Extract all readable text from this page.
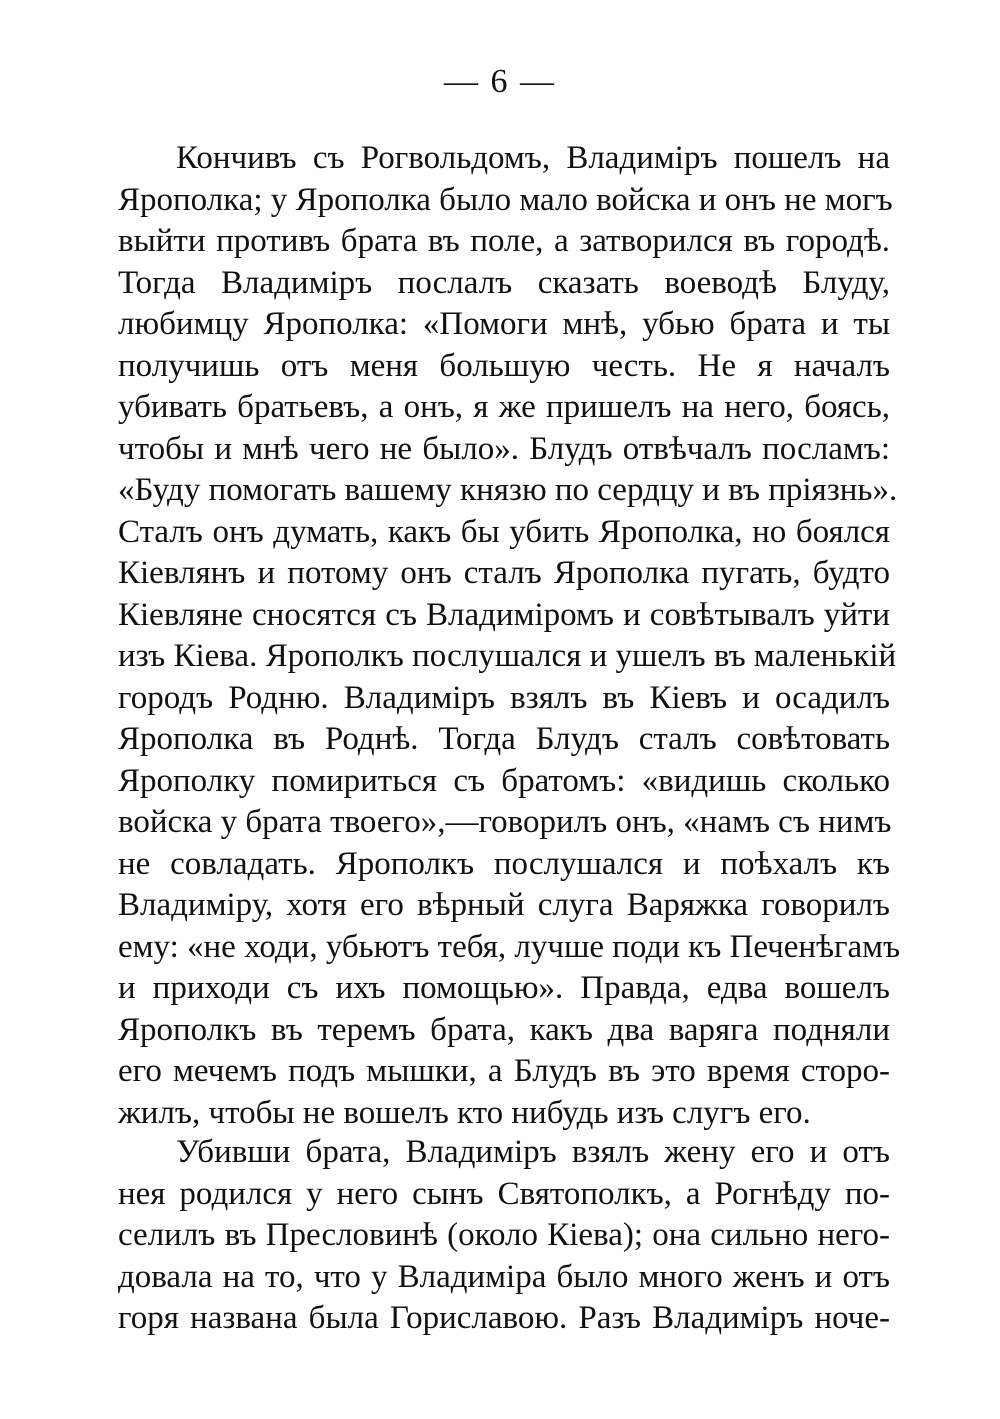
— 6 —
Кончивъ съ Рогвольдомъ, Владиміръ пошелъ на
Ярополка; у Ярополка было мало войска и онъ не могъ
выйти противъ брата въ поле, а затворился въ городѣ.
Тогда Владиміръ послалъ сказать воеводѣ Блуду,
любимцу Ярополка: «Помоги мнѣ, убью брата и ты
получишь отъ меня большую честь. Не я началъ
убивать братьевъ, а онъ, я же пришелъ на него, боясь,
чтобы и мнѣ чего не было». Блудъ отвѣчалъ посламъ:
«Буду помогать вашему князю по сердцу и въ пріязнь».
Сталъ онъ думать, какъ бы убить Ярополка, но боялся
Кіевлянъ и потому онъ сталъ Ярополка пугать, будто
Кіевляне сносятся съ Владиміромъ и совѣтывалъ уйти
изъ Кіева. Ярополкъ послушался и ушелъ въ маленькій
городъ Родню. Владиміръ взялъ въ Кіевъ и осадилъ
Ярополка въ Роднѣ. Тогда Блудъ сталъ совѣтовать
Ярополку помириться съ братомъ: «видишь сколько
войска у брата твоего»,—говорилъ онъ, «намъ съ нимъ
не совладать. Ярополкъ послушался и поѣхалъ къ
Владиміру, хотя его вѣрный слуга Варяжка говорилъ
ему: «не ходи, убьютъ тебя, лучше поди къ Печенѣгамъ
и приходи съ ихъ помощью». Правда, едва вошелъ
Ярополкъ въ теремъ брата, какъ два варяга подняли
его мечемъ подъ мышки, а Блудъ въ это время сторо-
жилъ, чтобы не вошелъ кто нибудь изъ слугъ его.
Убивши брата, Владиміръ взялъ жену его и отъ
нея родился у него сынъ Святополкъ, а Рогнѣду по-
селилъ въ Пресловинѣ (около Кіева); она сильно него-
довала на то, что у Владиміра было много женъ и отъ
горя названа была Гориславою. Разъ Владиміръ ноче-
